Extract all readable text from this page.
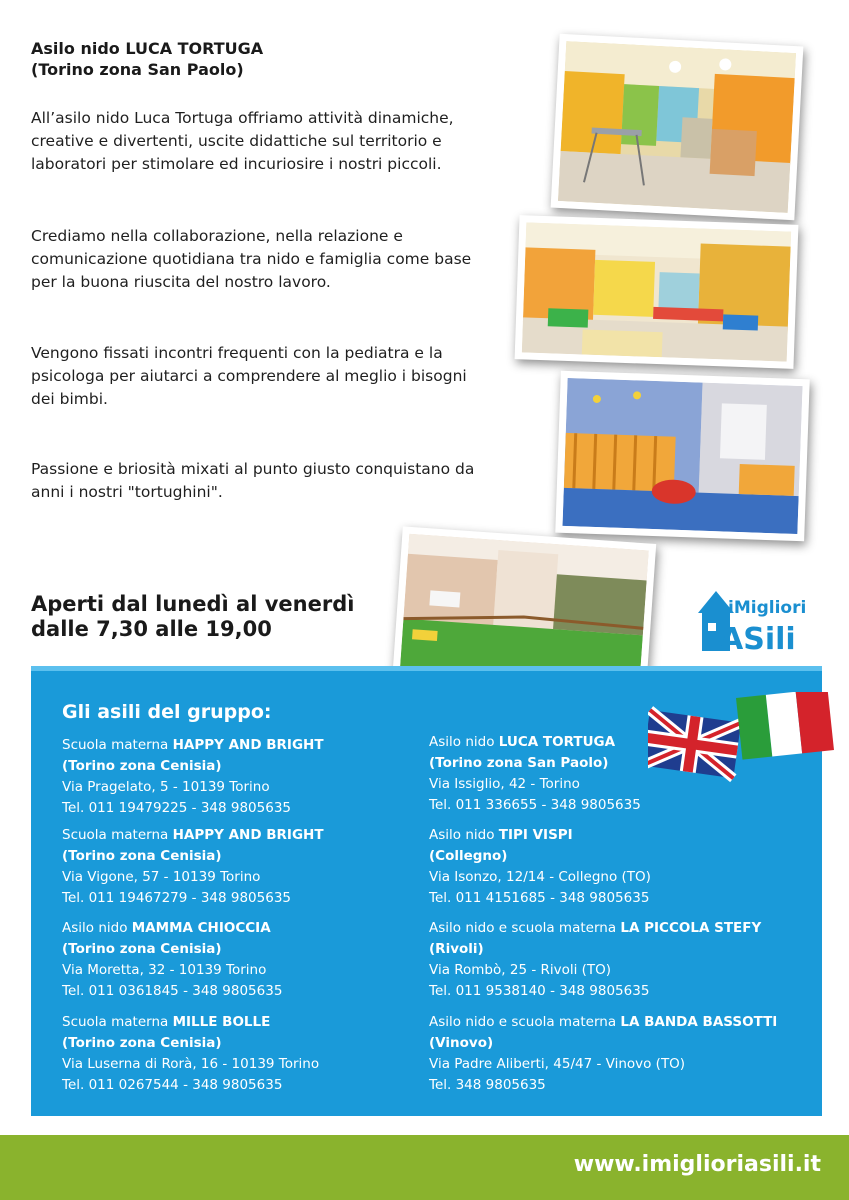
Asilo nido LUCA TORTUGA
(Torino zona San Paolo)
All’asilo nido Luca Tortuga offriamo attività dinamiche, creative e divertenti, uscite didattiche sul territorio e laboratori per stimolare ed incuriosire i nostri piccoli.
Crediamo nella collaborazione, nella relazione e comunicazione quotidiana tra nido e famiglia come base per la buona riuscita del nostro lavoro.
Vengono fissati incontri frequenti con la pediatra e la psicologa per aiutarci a comprendere al meglio i bisogni dei bimbi.
Passione e briosità mixati al punto giusto conquistano da anni i nostri "tortughini".
Aperti dal lunedì al venerdì
dalle 7,30 alle 19,00
iMigliori
ASili
Gli asili del gruppo:
Scuola materna HAPPY AND BRIGHT
(Torino zona Cenisia)
Via Pragelato, 5 - 10139 Torino
Tel. 011 19479225 - 348 9805635
Scuola materna HAPPY AND BRIGHT
(Torino zona Cenisia)
Via Vigone, 57 - 10139 Torino
Tel. 011 19467279 - 348 9805635
Asilo nido MAMMA CHIOCCIA
(Torino zona Cenisia)
Via Moretta, 32 - 10139 Torino
Tel. 011 0361845 - 348 9805635
Scuola materna MILLE BOLLE
(Torino zona Cenisia)
Via Luserna di Rorà, 16 - 10139 Torino
Tel. 011 0267544 - 348 9805635
Asilo nido LUCA TORTUGA
(Torino zona San Paolo)
Via Issiglio, 42 - Torino
Tel. 011 336655 - 348 9805635
Asilo nido TIPI VISPI
(Collegno)
Via Isonzo, 12/14 - Collegno (TO)
Tel. 011 4151685 - 348 9805635
Asilo nido e scuola materna LA PICCOLA STEFY
(Rivoli)
Via Rombò, 25 - Rivoli (TO)
Tel. 011 9538140 - 348 9805635
Asilo nido e scuola materna LA BANDA BASSOTTI
(Vinovo)
Via Padre Aliberti, 45/47 - Vinovo (TO)
Tel. 348 9805635
www.imiglioriasili.it
